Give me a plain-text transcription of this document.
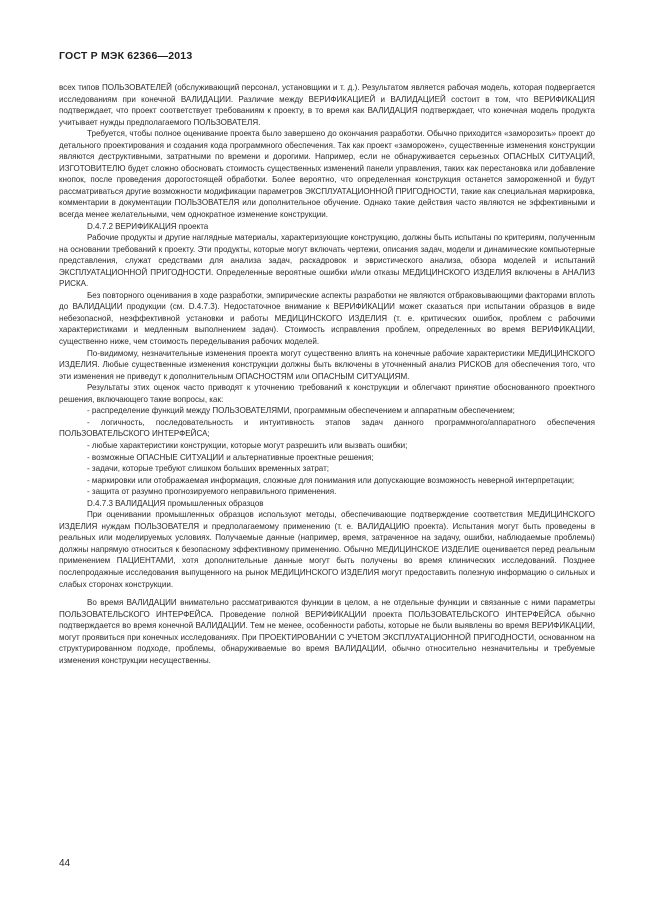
ГОСТ Р МЭК 62366—2013

всех типов ПОЛЬЗОВАТЕЛЕЙ (обслуживающий персонал, установщики и т. д.). Результатом является рабочая модель, которая подвергается исследованиям при конечной ВАЛИДАЦИИ. Различие между ВЕРИФИКАЦИЕЙ и ВАЛИДАЦИЕЙ состоит в том, что ВЕРИФИКАЦИЯ подтверждает, что проект соответствует требованиям к проекту, в то время как ВАЛИДАЦИЯ подтверждает, что конечная модель продукта учитывает нужды предполагаемого ПОЛЬЗОВАТЕЛЯ.

Требуется, чтобы полное оценивание проекта было завершено до окончания разработки. Обычно приходится «заморозить» проект до детального проектирования и создания кода программного обеспечения. Так как проект «заморожен», существенные изменения конструкции являются деструктивными, затратными по времени и дорогими. Например, если не обнаруживается серьезных ОПАСНЫХ СИТУАЦИЙ, ИЗГОТОВИТЕЛЮ будет сложно обосновать стоимость существенных изменений панели управления, таких как перестановка или добавление кнопок, после проведения дорогостоящей обработки. Более вероятно, что определенная конструкция останется замороженной и будут рассматриваться другие возможности модификации параметров ЭКСПЛУАТАЦИОННОЙ ПРИГОДНОСТИ, такие как специальная маркировка, комментарии в документации ПОЛЬЗОВАТЕЛЯ или дополнительное обучение. Однако такие действия часто являются не эффективными и всегда менее желательными, чем однократное изменение конструкции.

D.4.7.2 ВЕРИФИКАЦИЯ проекта

Рабочие продукты и другие наглядные материалы, характеризующие конструкцию, должны быть испытаны по критериям, полученным на основании требований к проекту. Эти продукты, которые могут включать чертежи, описания задач, модели и динамические компьютерные представления, служат средствами для анализа задач, раскадровок и эвристического анализа, обзора моделей и испытаний ЭКСПЛУАТАЦИОННОЙ ПРИГОДНОСТИ. Определенные вероятные ошибки и/или отказы МЕДИЦИНСКОГО ИЗДЕЛИЯ включены в АНАЛИЗ РИСКА.

Без повторного оценивания в ходе разработки, эмпирические аспекты разработки не являются отбраковывающими факторами вплоть до ВАЛИДАЦИИ продукции (см. D.4.7.3). Недостаточное внимание к ВЕРИФИКАЦИИ может сказаться при испытании образцов в виде небезопасной, неэффективной установки и работы МЕДИЦИНСКОГО ИЗДЕЛИЯ (т. е. критических ошибок, проблем с рабочими характеристиками и медленным выполнением задач). Стоимость исправления проблем, определенных во время ВЕРИФИКАЦИИ, существенно ниже, чем стоимость переделывания рабочих моделей.

По-видимому, незначительные изменения проекта могут существенно влиять на конечные рабочие характеристики МЕДИЦИНСКОГО ИЗДЕЛИЯ. Любые существенные изменения конструкции должны быть включены в уточненный анализ РИСКОВ для обеспечения того, что эти изменения не приведут к дополнительным ОПАСНОСТЯМ или ОПАСНЫМ СИТУАЦИЯМ.

Результаты этих оценок часто приводят к уточнению требований к конструкции и облегчают принятие обоснованного проектного решения, включающего такие вопросы, как:

- распределение функций между ПОЛЬЗОВАТЕЛЯМИ, программным обеспечением и аппаратным обеспечением;

- логичность, последовательность и интуитивность этапов задач данного программного/аппаратного обеспечения ПОЛЬЗОВАТЕЛЬСКОГО ИНТЕРФЕЙСА;

- любые характеристики конструкции, которые могут разрешить или вызвать ошибки;

- возможные ОПАСНЫЕ СИТУАЦИИ и альтернативные проектные решения;

- задачи, которые требуют слишком больших временных затрат;

- маркировки или отображаемая информация, сложные для понимания или допускающие возможность неверной интерпретации;

- защита от разумно прогнозируемого неправильного применения.

D.4.7.3 ВАЛИДАЦИЯ промышленных образцов

При оценивании промышленных образцов используют методы, обеспечивающие подтверждение соответствия МЕДИЦИНСКОГО ИЗДЕЛИЯ нуждам ПОЛЬЗОВАТЕЛЯ и предполагаемому применению (т. е. ВАЛИДАЦИЮ проекта). Испытания могут быть проведены в реальных или моделируемых условиях. Получаемые данные (например, время, затраченное на задачу, ошибки, наблюдаемые проблемы) должны напрямую относиться к безопасному эффективному применению. Обычно МЕДИЦИНСКОЕ ИЗДЕЛИЕ оценивается перед реальным применением ПАЦИЕНТАМИ, хотя дополнительные данные могут быть получены во время клинических исследований. Позднее послепродажные исследования выпущенного на рынок МЕДИЦИНСКОГО ИЗДЕЛИЯ могут предоставить полезную информацию о сильных и слабых сторонах конструкции.

Во время ВАЛИДАЦИИ внимательно рассматриваются функции в целом, а не отдельные функции и связанные с ними параметры ПОЛЬЗОВАТЕЛЬСКОГО ИНТЕРФЕЙСА. Проведение полной ВЕРИФИКАЦИИ проекта ПОЛЬЗОВАТЕЛЬСКОГО ИНТЕРФЕЙСА обычно подтверждается во время конечной ВАЛИДАЦИИ. Тем не менее, особенности работы, которые не были выявлены во время ВЕРИФИКАЦИИ, могут проявиться при конечных исследованиях. При ПРОЕКТИРОВАНИИ С УЧЕТОМ ЭКСПЛУАТАЦИОННОЙ ПРИГОДНОСТИ, основанном на структурированном подходе, проблемы, обнаруживаемые во время ВАЛИДАЦИИ, обычно относительно незначительны и требуемые изменения конструкции несущественны.

44
